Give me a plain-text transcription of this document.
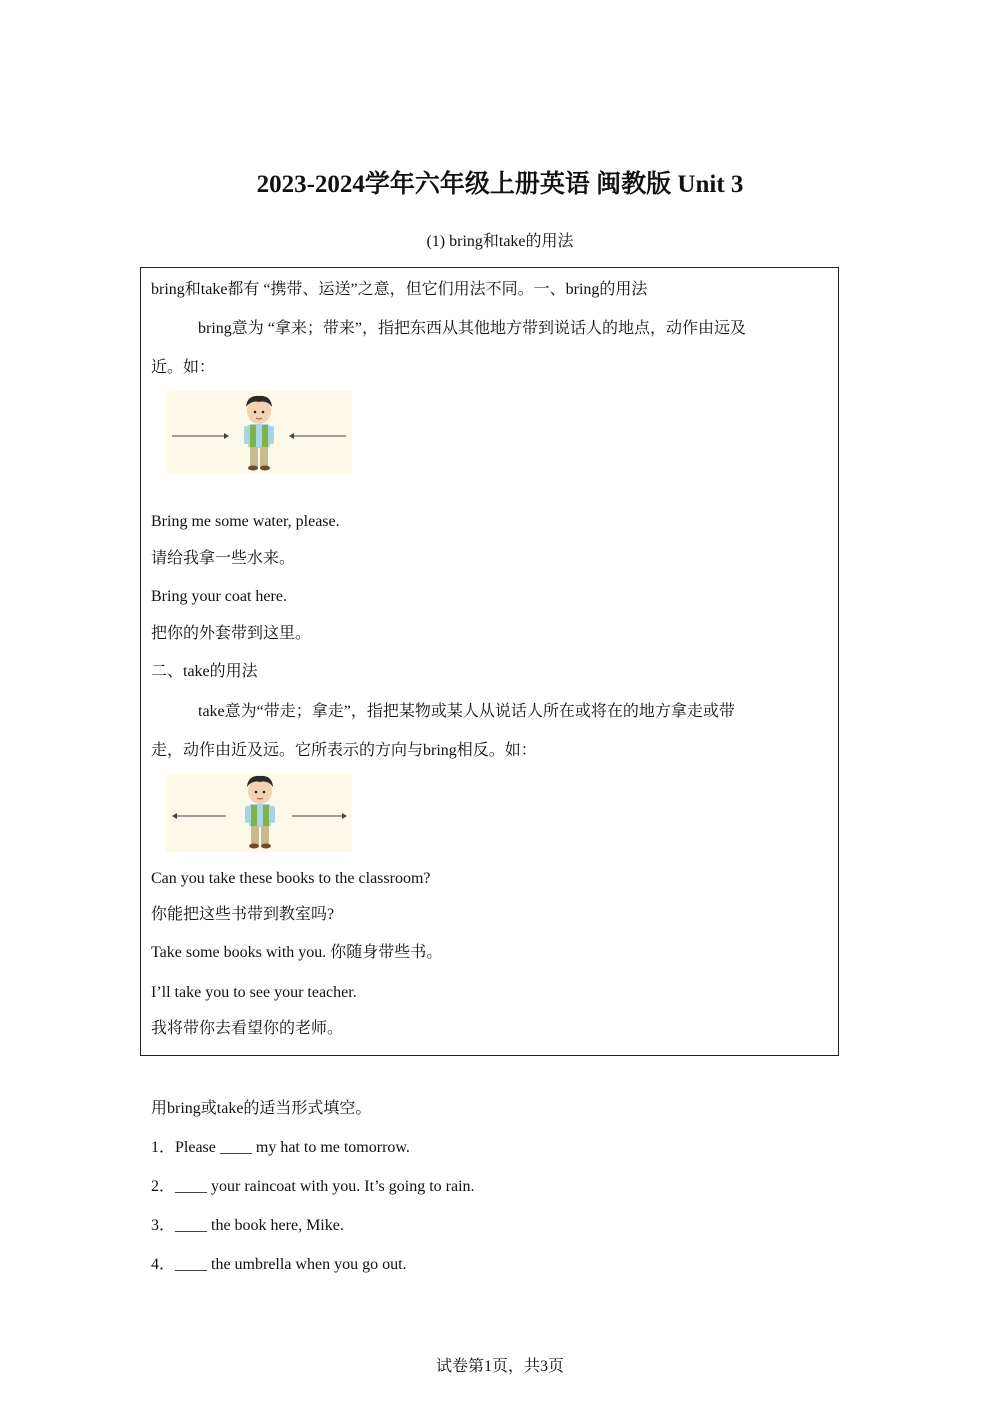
2023-2024学年六年级上册英语 闽教版 Unit 3
(1) bring和take的用法
bring和take都有 “携带、运送”之意，但它们用法不同。一、bring的用法
bring意为 “拿来；带来”，指把东西从其他地方带到说话人的地点，动作由远及
近。如：
Bring me some water, please.
请给我拿一些水来。
Bring your coat here.
把你的外套带到这里。
二、take的用法
take意为“带走；拿走”，指把某物或某人从说话人所在或将在的地方拿走或带
走，动作由近及远。它所表示的方向与bring相反。如：
Can you take these books to the classroom?
你能把这些书带到教室吗?
Take some books with you. 你随身带些书。
I’ll take you to see your teacher.
我将带你去看望你的老师。
用bring或take的适当形式填空。
1．Please ____ my hat to me tomorrow.
2．____ your raincoat with you. It’s going to rain.
3．____ the book here, Mike.
4．____ the umbrella when you go out.
试卷第1页，共3页
